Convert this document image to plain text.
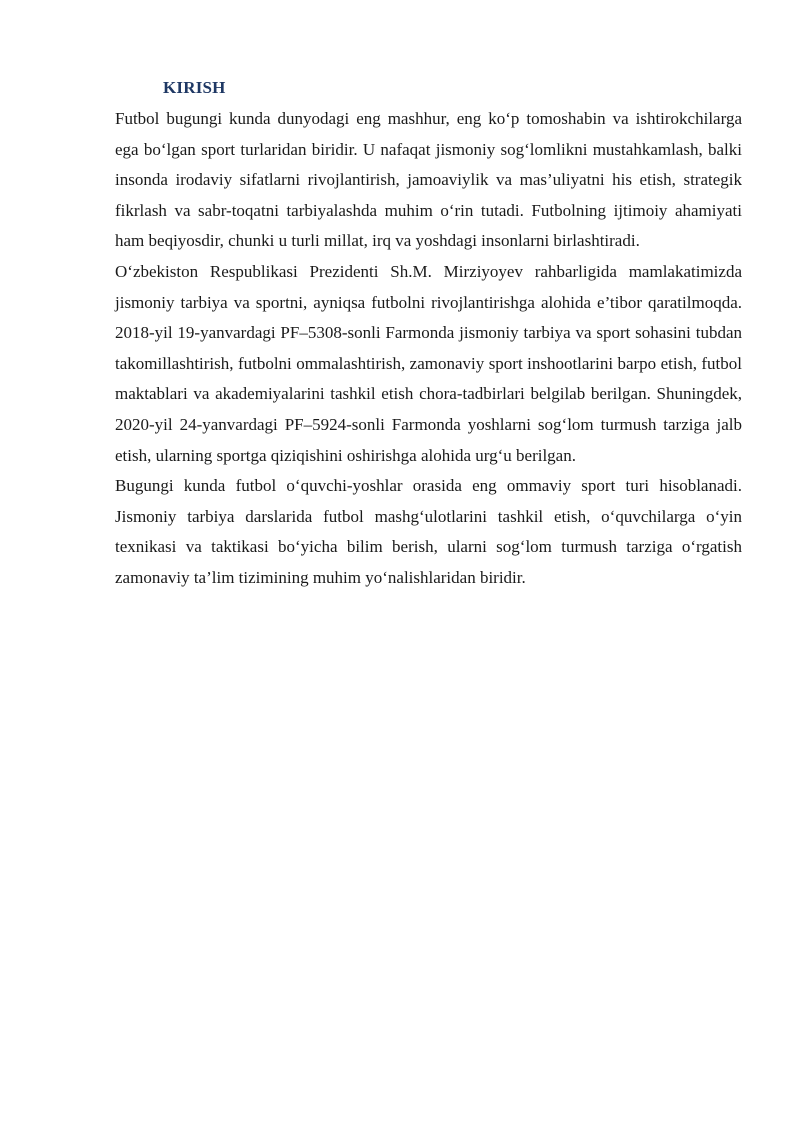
KIRISH

Futbol bugungi kunda dunyodagi eng mashhur, eng koʻp tomoshabin va ishtirokchilarga ega boʻlgan sport turlaridan biridir. U nafaqat jismoniy sogʻlomlikni mustahkamlash, balki insonda irodaviy sifatlarni rivojlantirish, jamoaviylik va mas’uliyatni his etish, strategik fikrlash va sabr-toqatni tarbiyalashda muhim oʻrin tutadi. Futbolning ijtimoiy ahamiyati ham beqiyosdir, chunki u turli millat, irq va yoshdagi insonlarni birlashtiradi.

Oʻzbekiston Respublikasi Prezidenti Sh.M. Mirziyoyev rahbarligida mamlakatimizda jismoniy tarbiya va sportni, ayniqsa futbolni rivojlantirishga alohida e’tibor qaratilmoqda. 2018-yil 19-yanvardagi PF–5308-sonli Farmonda jismoniy tarbiya va sport sohasini tubdan takomillashtirish, futbolni ommalashtirish, zamonaviy sport inshootlarini barpo etish, futbol maktablari va akademiyalarini tashkil etish chora-tadbirlari belgilab berilgan. Shuningdek, 2020-yil 24-yanvardagi PF–5924-sonli Farmonda yoshlarni sogʻlom turmush tarziga jalb etish, ularning sportga qiziqishini oshirishga alohida urgʻu berilgan.

Bugungi kunda futbol oʻquvchi-yoshlar orasida eng ommaviy sport turi hisoblanadi. Jismoniy tarbiya darslarida futbol mashgʻulotlarini tashkil etish, oʻquvchilarga oʻyin texnikasi va taktikasi boʻyicha bilim berish, ularni sogʻlom turmush tarziga oʻrgatish zamonaviy ta’lim tizimining muhim yoʻnalishlaridan biridir.
